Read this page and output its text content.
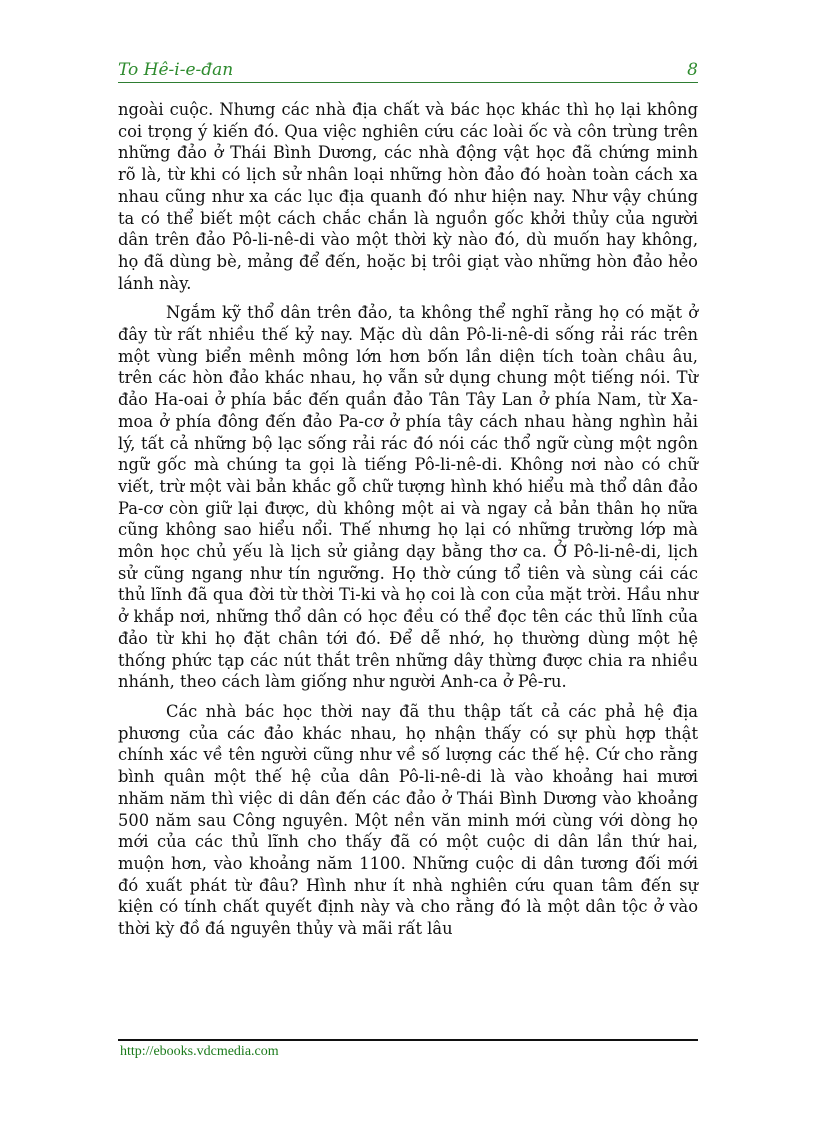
To Hê-i-e-đan	8

ngoài cuộc. Nhưng các nhà địa chất và bác học khác thì họ lại không coi trọng ý kiến đó. Qua việc nghiên cứu các loài ốc và côn trùng trên những đảo ở Thái Bình Dương, các nhà động vật học đã chứng minh rõ là, từ khi có lịch sử nhân loại những hòn đảo đó hoàn toàn cách xa nhau cũng như xa các lục địa quanh đó như hiện nay. Như vậy chúng ta có thể biết một cách chắc chắn là nguồn gốc khởi thủy của người dân trên đảo Pô-li-nê-di vào một thời kỳ nào đó, dù muốn hay không, họ đã dùng bè, mảng để đến, hoặc bị trôi giạt vào những hòn đảo hẻo lánh này.

Ngắm kỹ thổ dân trên đảo, ta không thể nghĩ rằng họ có mặt ở đây từ rất nhiều thế kỷ nay. Mặc dù dân Pô-li-nê-di sống rải rác trên một vùng biển mênh mông lớn hơn bốn lần diện tích toàn châu âu, trên các hòn đảo khác nhau, họ vẫn sử dụng chung một tiếng nói. Từ đảo Ha-oai ở phía bắc đến quần đảo Tân Tây Lan ở phía Nam, từ Xa-moa ở phía đông đến đảo Pa-cơ ở phía tây cách nhau hàng nghìn hải lý, tất cả những bộ lạc sống rải rác đó nói các thổ ngữ cùng một ngôn ngữ gốc mà chúng ta gọi là tiếng Pô-li-nê-di. Không nơi nào có chữ viết, trừ một vài bản khắc gỗ chữ tượng hình khó hiểu mà thổ dân đảo Pa-cơ còn giữ lại được, dù không một ai và ngay cả bản thân họ nữa cũng không sao hiểu nổi. Thế nhưng họ lại có những trường lớp mà môn học chủ yếu là lịch sử giảng dạy bằng thơ ca. Ở Pô-li-nê-di, lịch sử cũng ngang như tín ngưỡng. Họ thờ cúng tổ tiên và sùng cái các thủ lĩnh đã qua đời từ thời Ti-ki và họ coi là con của mặt trời. Hầu như ở khắp nơi, những thổ dân có học đều có thể đọc tên các thủ lĩnh của đảo từ khi họ đặt chân tới đó. Để dễ nhớ, họ thường dùng một hệ thống phức tạp các nút thắt trên những dây thừng được chia ra nhiều nhánh, theo cách làm giống như người Anh-ca ở Pê-ru.

Các nhà bác học thời nay đã thu thập tất cả các phả hệ địa phương của các đảo khác nhau, họ nhận thấy có sự phù hợp thật chính xác về tên người cũng như về số lượng các thế hệ. Cứ cho rằng bình quân một thế hệ của dân Pô-li-nê-di là vào khoảng hai mươi nhăm năm thì việc di dân đến các đảo ở Thái Bình Dương vào khoảng 500 năm sau Công nguyên. Một nền văn minh mới cùng với dòng họ mới của các thủ lĩnh cho thấy đã có một cuộc di dân lần thứ hai, muộn hơn, vào khoảng năm 1100. Những cuộc di dân tương đối mới đó xuất phát từ đâu? Hình như ít nhà nghiên cứu quan tâm đến sự kiện có tính chất quyết định này và cho rằng đó là một dân tộc ở vào thời kỳ đồ đá nguyên thủy và mãi rất lâu

http://ebooks.vdcmedia.com
